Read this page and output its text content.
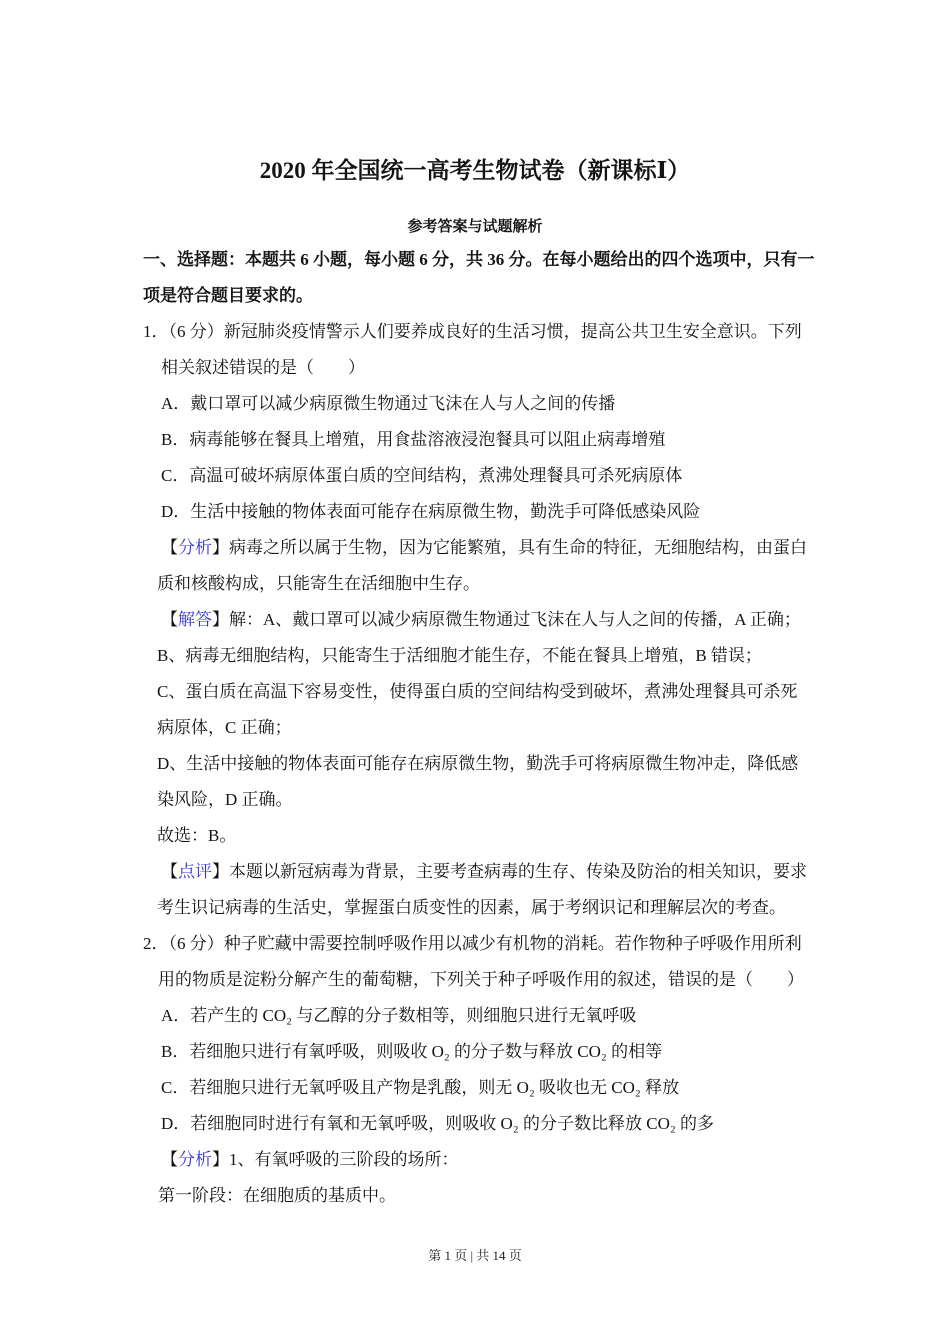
2020 年全国统一高考生物试卷（新课标Ⅰ）
参考答案与试题解析
一、选择题：本题共 6 小题，每小题 6 分，共 36 分。在每小题给出的四个选项中，只有一
项是符合题目要求的。
1．（6 分）新冠肺炎疫情警示人们要养成良好的生活习惯，提高公共卫生安全意识。下列
相关叙述错误的是（　　）
A．戴口罩可以减少病原微生物通过飞沫在人与人之间的传播
B．病毒能够在餐具上增殖，用食盐溶液浸泡餐具可以阻止病毒增殖
C．高温可破坏病原体蛋白质的空间结构，煮沸处理餐具可杀死病原体
D．生活中接触的物体表面可能存在病原微生物，勤洗手可降低感染风险
【分析】病毒之所以属于生物，因为它能繁殖，具有生命的特征，无细胞结构，由蛋白
质和核酸构成，只能寄生在活细胞中生存。
【解答】解：A、戴口罩可以减少病原微生物通过飞沫在人与人之间的传播，A 正确；
B、病毒无细胞结构，只能寄生于活细胞才能生存，不能在餐具上增殖，B 错误；
C、蛋白质在高温下容易变性，使得蛋白质的空间结构受到破坏，煮沸处理餐具可杀死
病原体，C 正确；
D、生活中接触的物体表面可能存在病原微生物，勤洗手可将病原微生物冲走，降低感
染风险，D 正确。
故选：B。
【点评】本题以新冠病毒为背景，主要考查病毒的生存、传染及防治的相关知识，要求
考生识记病毒的生活史，掌握蛋白质变性的因素，属于考纲识记和理解层次的考查。
2．（6 分）种子贮藏中需要控制呼吸作用以减少有机物的消耗。若作物种子呼吸作用所利
用的物质是淀粉分解产生的葡萄糖，下列关于种子呼吸作用的叙述，错误的是（　　）
A．若产生的 CO₂ 与乙醇的分子数相等，则细胞只进行无氧呼吸
B．若细胞只进行有氧呼吸，则吸收 O₂ 的分子数与释放 CO₂ 的相等
C．若细胞只进行无氧呼吸且产物是乳酸，则无 O₂ 吸收也无 CO₂ 释放
D．若细胞同时进行有氧和无氧呼吸，则吸收 O₂ 的分子数比释放 CO₂ 的多
【分析】1、有氧呼吸的三阶段的场所：
第一阶段：在细胞质的基质中。
第 1 页 | 共 14 页
